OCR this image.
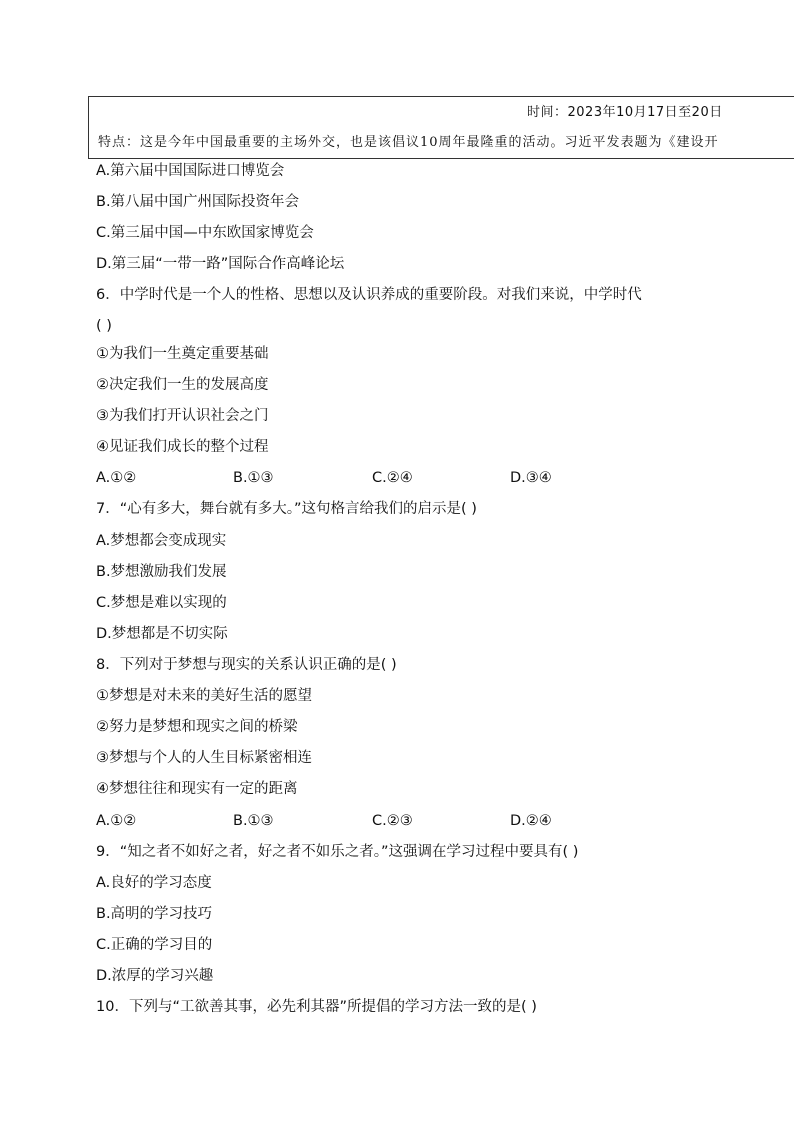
时间：2023年10月17日至20日
特点：这是今年中国最重要的主场外交，也是该倡议10周年最隆重的活动。习近平发表题为《建设开
A.第六届中国国际进口博览会
B.第八届中国广州国际投资年会
C.第三届中国—中东欧国家博览会
D.第三届“一带一路”国际合作高峰论坛
6．中学时代是一个人的性格、思想以及认识养成的重要阶段。对我们来说，中学时代
( )
①为我们一生奠定重要基础
②决定我们一生的发展高度
③为我们打开认识社会之门
④见证我们成长的整个过程
A.①②	B.①③	C.②④	D.③④
7．“心有多大，舞台就有多大。”这句格言给我们的启示是( )
A.梦想都会变成现实
B.梦想激励我们发展
C.梦想是难以实现的
D.梦想都是不切实际
8．下列对于梦想与现实的关系认识正确的是( )
①梦想是对未来的美好生活的愿望
②努力是梦想和现实之间的桥梁
③梦想与个人的人生目标紧密相连
④梦想往往和现实有一定的距离
A.①②	B.①③	C.②③	D.②④
9．“知之者不如好之者，好之者不如乐之者。”这强调在学习过程中要具有( )
A.良好的学习态度
B.高明的学习技巧
C.正确的学习目的
D.浓厚的学习兴趣
10．下列与“工欲善其事，必先利其器”所提倡的学习方法一致的是( )
